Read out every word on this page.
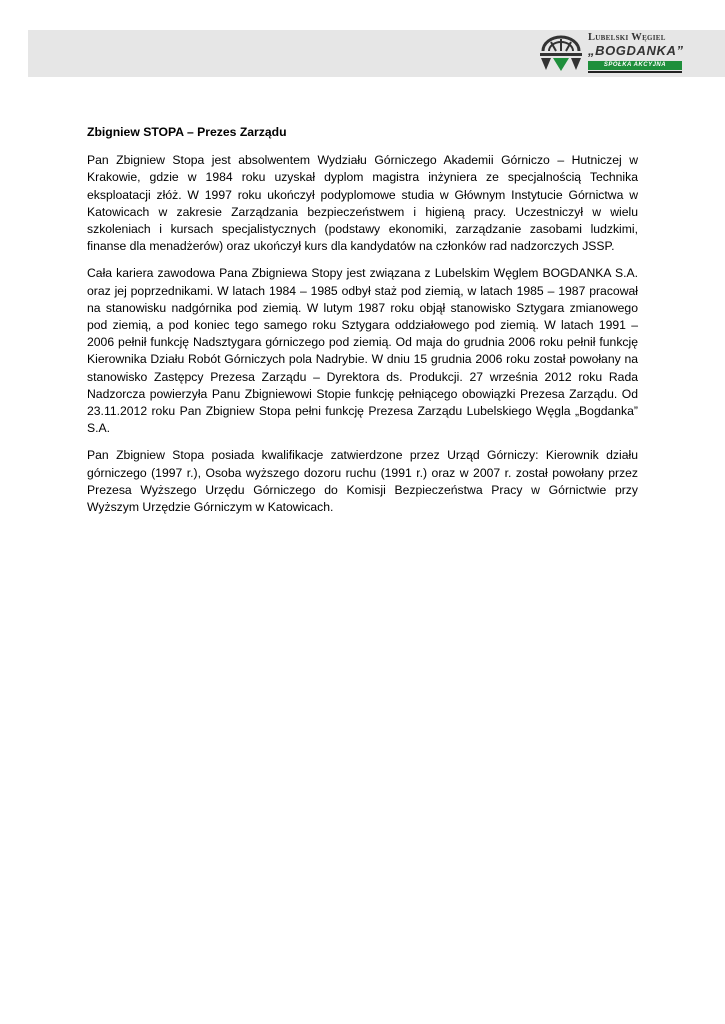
Lubelski Węgiel
„BOGDANKA”
SPÓŁKA AKCYJNA

Zbigniew STOPA – Prezes Zarządu

Pan Zbigniew Stopa jest absolwentem Wydziału Górniczego Akademii Górniczo – Hutniczej w Krakowie, gdzie w 1984 roku uzyskał dyplom magistra inżyniera ze specjalnością Technika eksploatacji złóż. W 1997 roku ukończył podyplomowe studia w Głównym Instytucie Górnictwa w Katowicach w zakresie Zarządzania bezpieczeństwem i higieną pracy. Uczestniczył w wielu szkoleniach i kursach specjalistycznych (podstawy ekonomiki, zarządzanie zasobami ludzkimi, finanse dla menadżerów) oraz ukończył kurs dla kandydatów na członków rad nadzorczych JSSP.

Cała kariera zawodowa Pana Zbigniewa Stopy jest związana z Lubelskim Węglem BOGDANKA S.A. oraz jej poprzednikami. W latach 1984 – 1985 odbył staż pod ziemią, w latach 1985 – 1987 pracował na stanowisku nadgórnika pod ziemią. W lutym 1987 roku objął stanowisko Sztygara zmianowego pod ziemią, a pod koniec tego samego roku Sztygara oddziałowego pod ziemią. W latach 1991 – 2006 pełnił funkcję Nadsztygara górniczego pod ziemią. Od maja do grudnia 2006 roku pełnił funkcję Kierownika Działu Robót Górniczych pola Nadrybie. W dniu 15 grudnia 2006 roku został powołany na stanowisko Zastępcy Prezesa Zarządu – Dyrektora ds. Produkcji. 27 września 2012 roku Rada Nadzorcza powierzyła Panu Zbigniewowi Stopie funkcję pełniącego obowiązki Prezesa Zarządu. Od 23.11.2012 roku Pan Zbigniew Stopa pełni funkcję Prezesa Zarządu Lubelskiego Węgla „Bogdanka” S.A.

Pan Zbigniew Stopa posiada kwalifikacje zatwierdzone przez Urząd Górniczy: Kierownik działu górniczego (1997 r.), Osoba wyższego dozoru ruchu (1991 r.) oraz w 2007 r. został powołany przez Prezesa Wyższego Urzędu Górniczego do Komisji Bezpieczeństwa Pracy w Górnictwie przy Wyższym Urzędzie Górniczym w Katowicach.
